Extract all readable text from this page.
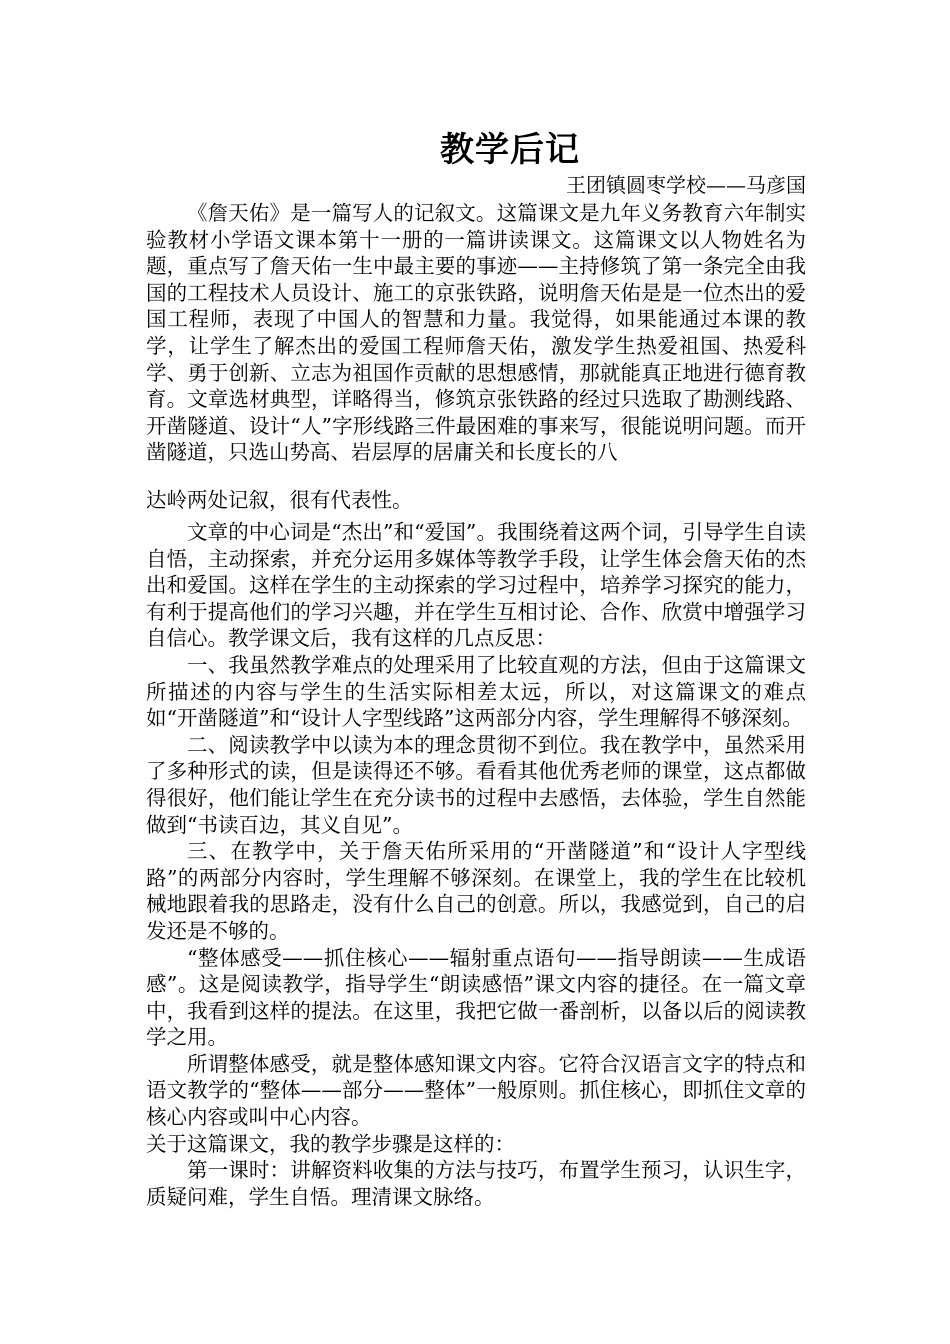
教学后记
王团镇圆枣学校——马彦国

《詹天佑》是一篇写人的记叙文。这篇课文是九年义务教育六年制实验教材小学语文课本第十一册的一篇讲读课文。这篇课文以人物姓名为题，重点写了詹天佑一生中最主要的事迹——主持修筑了第一条完全由我国的工程技术人员设计、施工的京张铁路，说明詹天佑是是一位杰出的爱国工程师，表现了中国人的智慧和力量。我觉得，如果能通过本课的教学，让学生了解杰出的爱国工程师詹天佑，激发学生热爱祖国、热爱科学、勇于创新、立志为祖国作贡献的思想感情，那就能真正地进行德育教育。文章选材典型，详略得当，修筑京张铁路的经过只选取了勘测线路、开凿隧道、设计“人”字形线路三件最困难的事来写，很能说明问题。而开凿隧道，只选山势高、岩层厚的居庸关和长度长的八

达岭两处记叙，很有代表性。

文章的中心词是“杰出”和“爱国”。我围绕着这两个词，引导学生自读自悟，主动探索，并充分运用多媒体等教学手段，让学生体会詹天佑的杰出和爱国。这样在学生的主动探索的学习过程中，培养学习探究的能力，有利于提高他们的学习兴趣，并在学生互相讨论、合作、欣赏中增强学习自信心。教学课文后，我有这样的几点反思：

一、我虽然教学难点的处理采用了比较直观的方法，但由于这篇课文所描述的内容与学生的生活实际相差太远，所以，对这篇课文的难点如“开凿隧道”和“设计人字型线路”这两部分内容，学生理解得不够深刻。

二、阅读教学中以读为本的理念贯彻不到位。我在教学中，虽然采用了多种形式的读，但是读得还不够。看看其他优秀老师的课堂，这点都做得很好，他们能让学生在充分读书的过程中去感悟，去体验，学生自然能做到“书读百边，其义自见”。

三、在教学中，关于詹天佑所采用的“开凿隧道”和“设计人字型线路”的两部分内容时，学生理解不够深刻。在课堂上，我的学生在比较机械地跟着我的思路走，没有什么自己的创意。所以，我感觉到，自己的启发还是不够的。

“整体感受——抓住核心——辐射重点语句——指导朗读——生成语感”。这是阅读教学，指导学生“朗读感悟”课文内容的捷径。在一篇文章中，我看到这样的提法。在这里，我把它做一番剖析，以备以后的阅读教学之用。

所谓整体感受，就是整体感知课文内容。它符合汉语言文字的特点和语文教学的“整体——部分——整体”一般原则。抓住核心，即抓住文章的核心内容或叫中心内容。

关于这篇课文，我的教学步骤是这样的：

第一课时：讲解资料收集的方法与技巧，布置学生预习，认识生字，质疑问难，学生自悟。理清课文脉络。
